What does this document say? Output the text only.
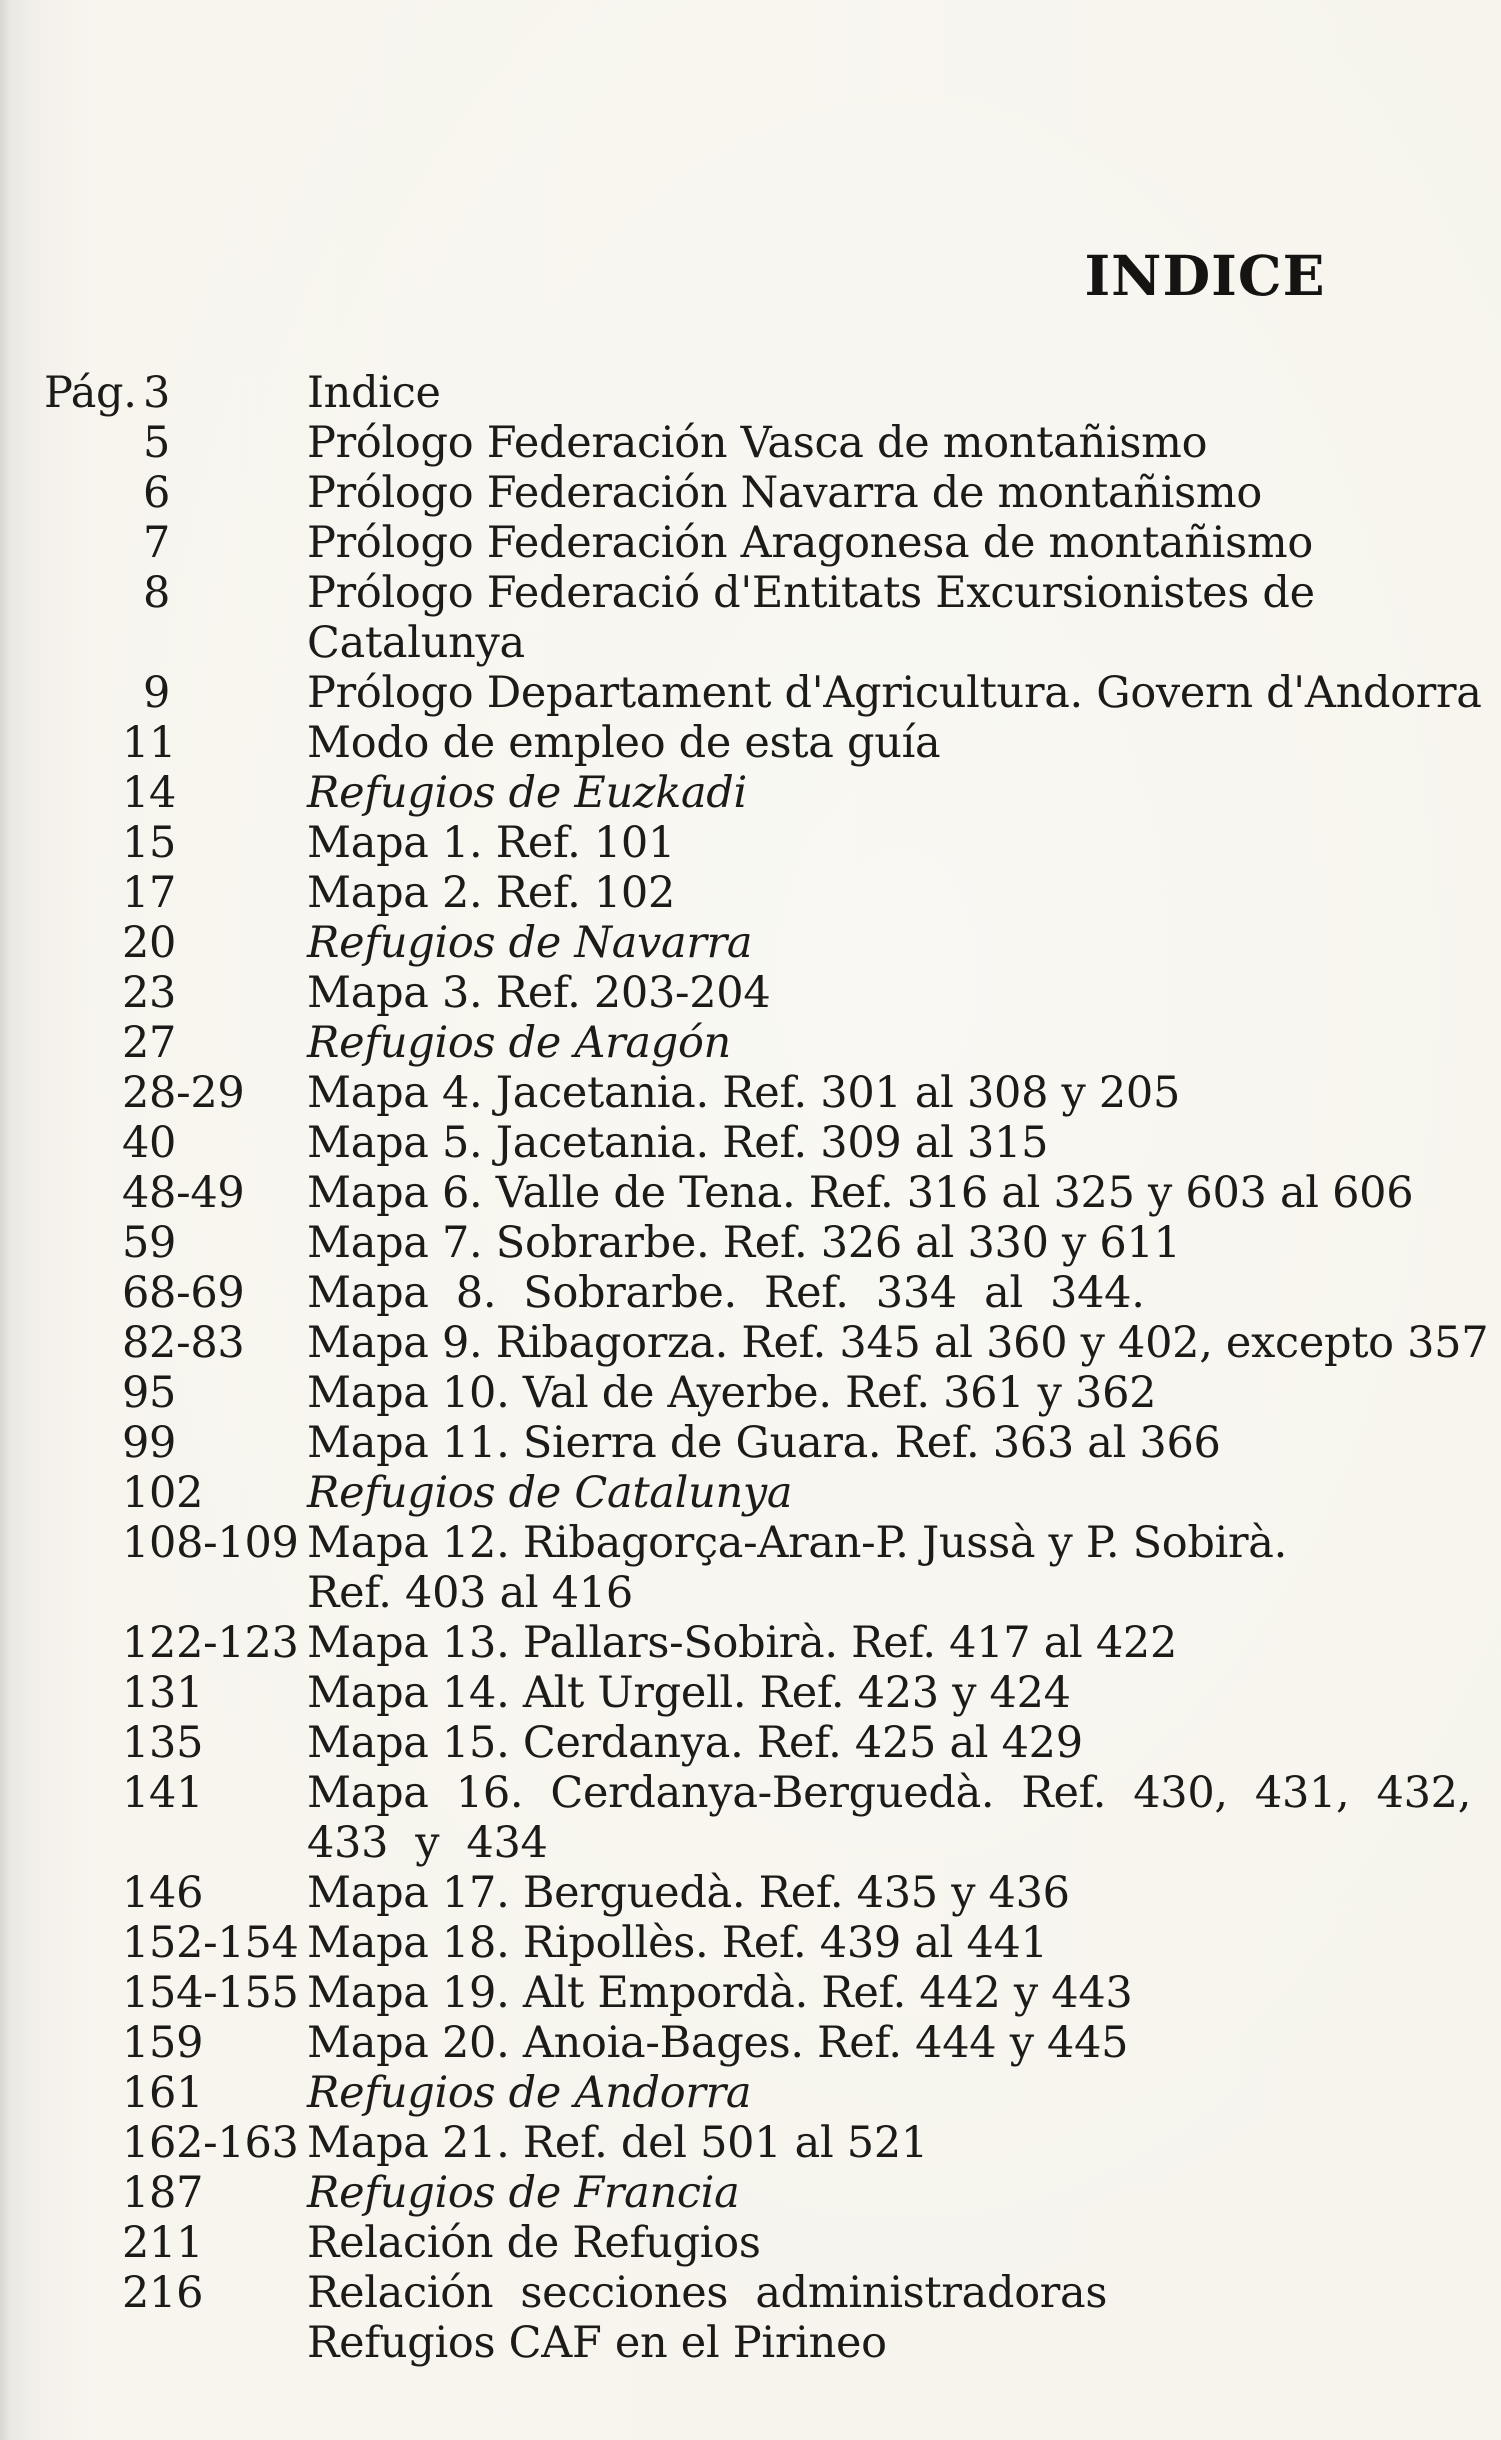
INDICE
Pág. 3	Indice
5	Prólogo Federación Vasca de montañismo
6	Prólogo Federación Navarra de montañismo
7	Prólogo Federación Aragonesa de montañismo
8	Prólogo Federació d'Entitats Excursionistes de
Catalunya
9	Prólogo Departament d'Agricultura. Govern d'Andorra
11	Modo de empleo de esta guía
14	Refugios de Euzkadi
15	Mapa 1. Ref. 101
17	Mapa 2. Ref. 102
20	Refugios de Navarra
23	Mapa 3. Ref. 203-204
27	Refugios de Aragón
28-29 Mapa 4. Jacetania. Ref. 301 al 308 y 205
40	Mapa 5. Jacetania. Ref. 309 al 315
48-49 Mapa 6. Valle de Tena. Ref. 316 al 325 y 603 al 606
59	Mapa 7. Sobrarbe. Ref. 326 al 330 y 611
68-69 Mapa 8. Sobrarbe. Ref. 334 al 344.
82-83 Mapa 9. Ribagorza. Ref. 345 al 360 y 402, excepto 357
95	Mapa 10. Val de Ayerbe. Ref. 361 y 362
99	Mapa 11. Sierra de Guara. Ref. 363 al 366
102 Refugios de Catalunya
108-109 Mapa 12. Ribagorça-Aran-P. Jussà y P. Sobirà.
Ref. 403 al 416
122-123 Mapa 13. Pallars-Sobirà. Ref. 417 al 422
131 Mapa 14. Alt Urgell. Ref. 423 y 424
135 Mapa 15. Cerdanya. Ref. 425 al 429
141 Mapa 16. Cerdanya-Berguedà. Ref. 430, 431, 432,
433 y 434
146 Mapa 17. Berguedà. Ref. 435 y 436
152-154 Mapa 18. Ripollès. Ref. 439 al 441
154-155 Mapa 19. Alt Empordà. Ref. 442 y 443
159 Mapa 20. Anoia-Bages. Ref. 444 y 445
161 Refugios de Andorra
162-163 Mapa 21. Ref. del 501 al 521
187 Refugios de Francia
211 Relación de Refugios
216 Relación secciones administradoras
Refugios CAF en el Pirineo
